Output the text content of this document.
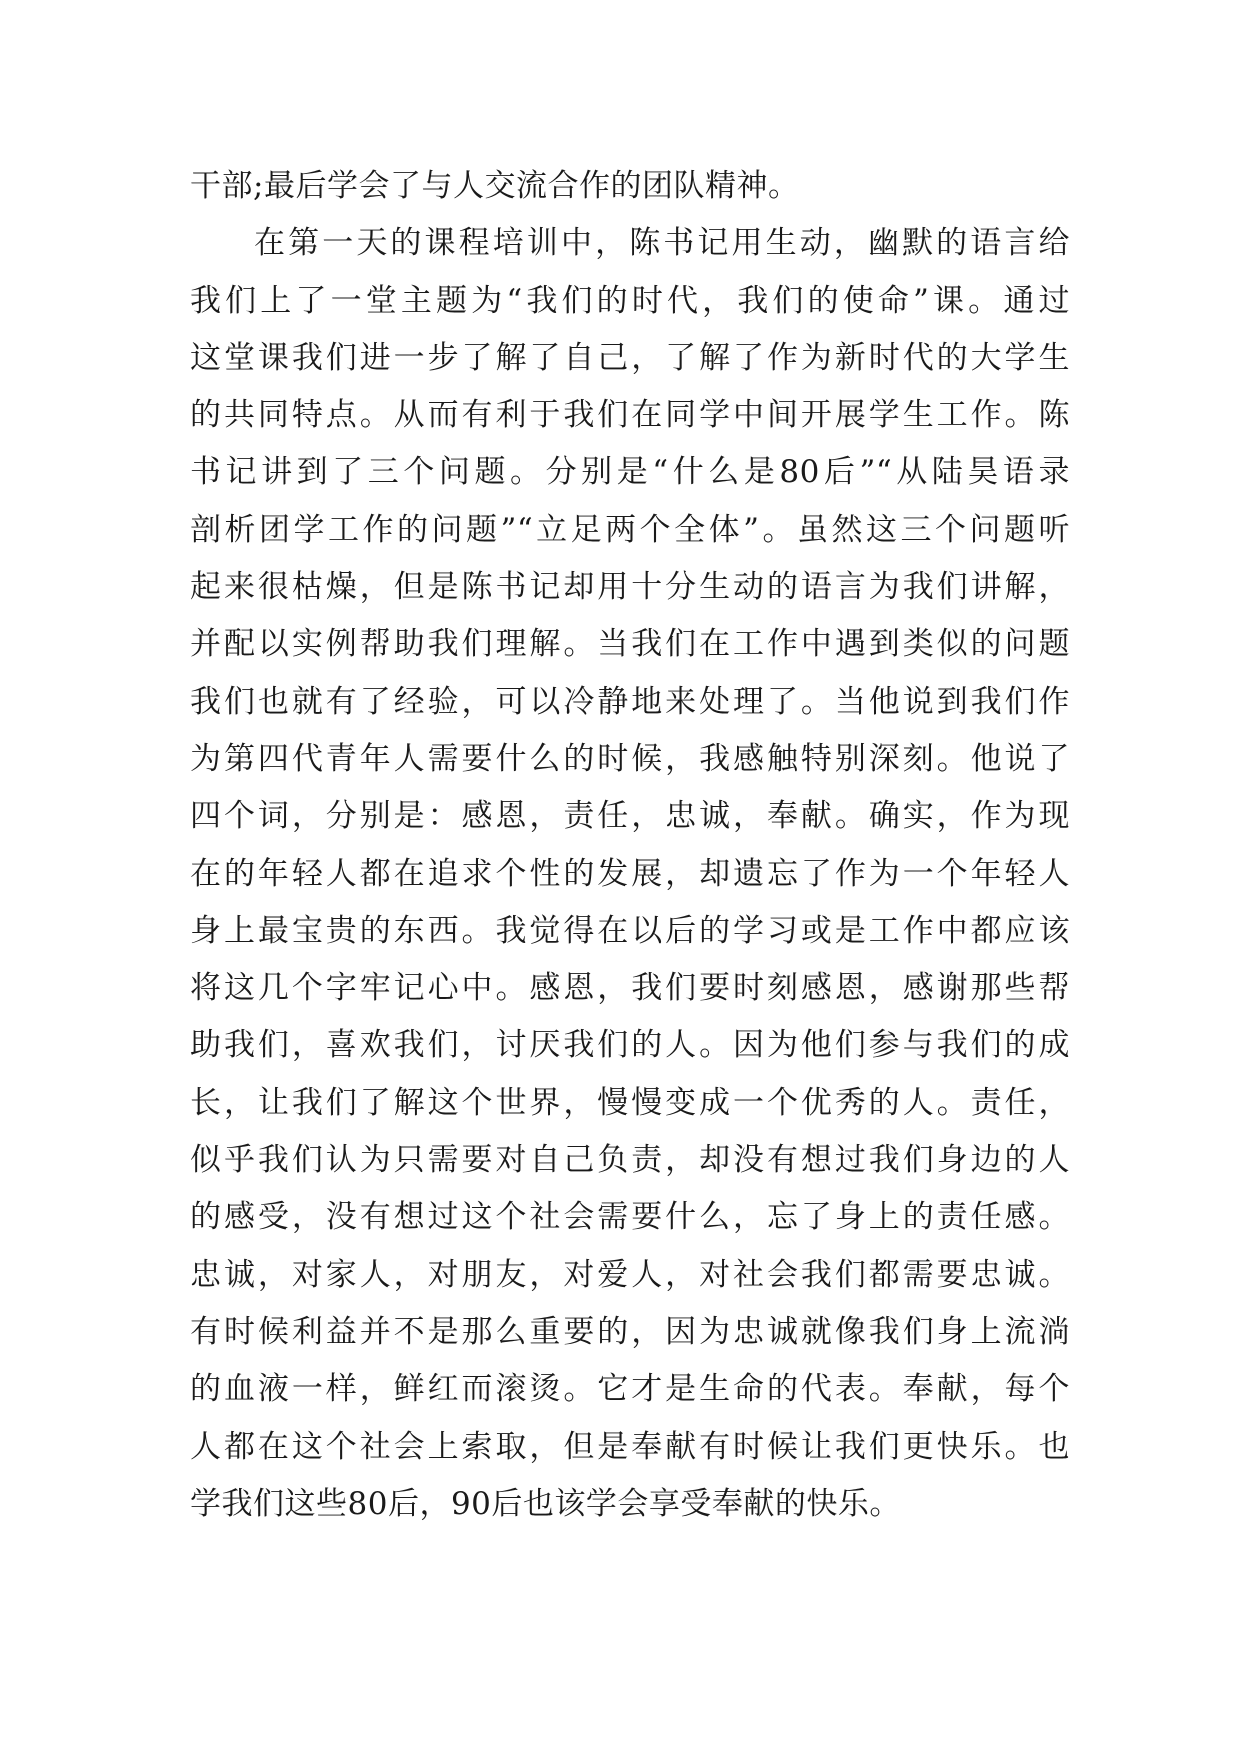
干部;最后学会了与人交流合作的团队精神。
在第一天的课程培训中，陈书记用生动，幽默的语言给
我们上了一堂主题为“我们的时代，我们的使命”课。通过
这堂课我们进一步了解了自己，了解了作为新时代的大学生
的共同特点。从而有利于我们在同学中间开展学生工作。陈
书记讲到了三个问题。分别是“什么是80后”“从陆昊语录
剖析团学工作的问题”“立足两个全体”。虽然这三个问题听
起来很枯燥，但是陈书记却用十分生动的语言为我们讲解，
并配以实例帮助我们理解。当我们在工作中遇到类似的问题
我们也就有了经验，可以冷静地来处理了。当他说到我们作
为第四代青年人需要什么的时候，我感触特别深刻。他说了
四个词，分别是：感恩，责任，忠诚，奉献。确实，作为现
在的年轻人都在追求个性的发展，却遗忘了作为一个年轻人
身上最宝贵的东西。我觉得在以后的学习或是工作中都应该
将这几个字牢记心中。感恩，我们要时刻感恩，感谢那些帮
助我们，喜欢我们，讨厌我们的人。因为他们参与我们的成
长，让我们了解这个世界，慢慢变成一个优秀的人。责任，
似乎我们认为只需要对自己负责，却没有想过我们身边的人
的感受，没有想过这个社会需要什么，忘了身上的责任感。
忠诚，对家人，对朋友，对爱人，对社会我们都需要忠诚。
有时候利益并不是那么重要的，因为忠诚就像我们身上流淌
的血液一样，鲜红而滚烫。它才是生命的代表。奉献，每个
人都在这个社会上索取，但是奉献有时候让我们更快乐。也
学我们这些80后，90后也该学会享受奉献的快乐。
